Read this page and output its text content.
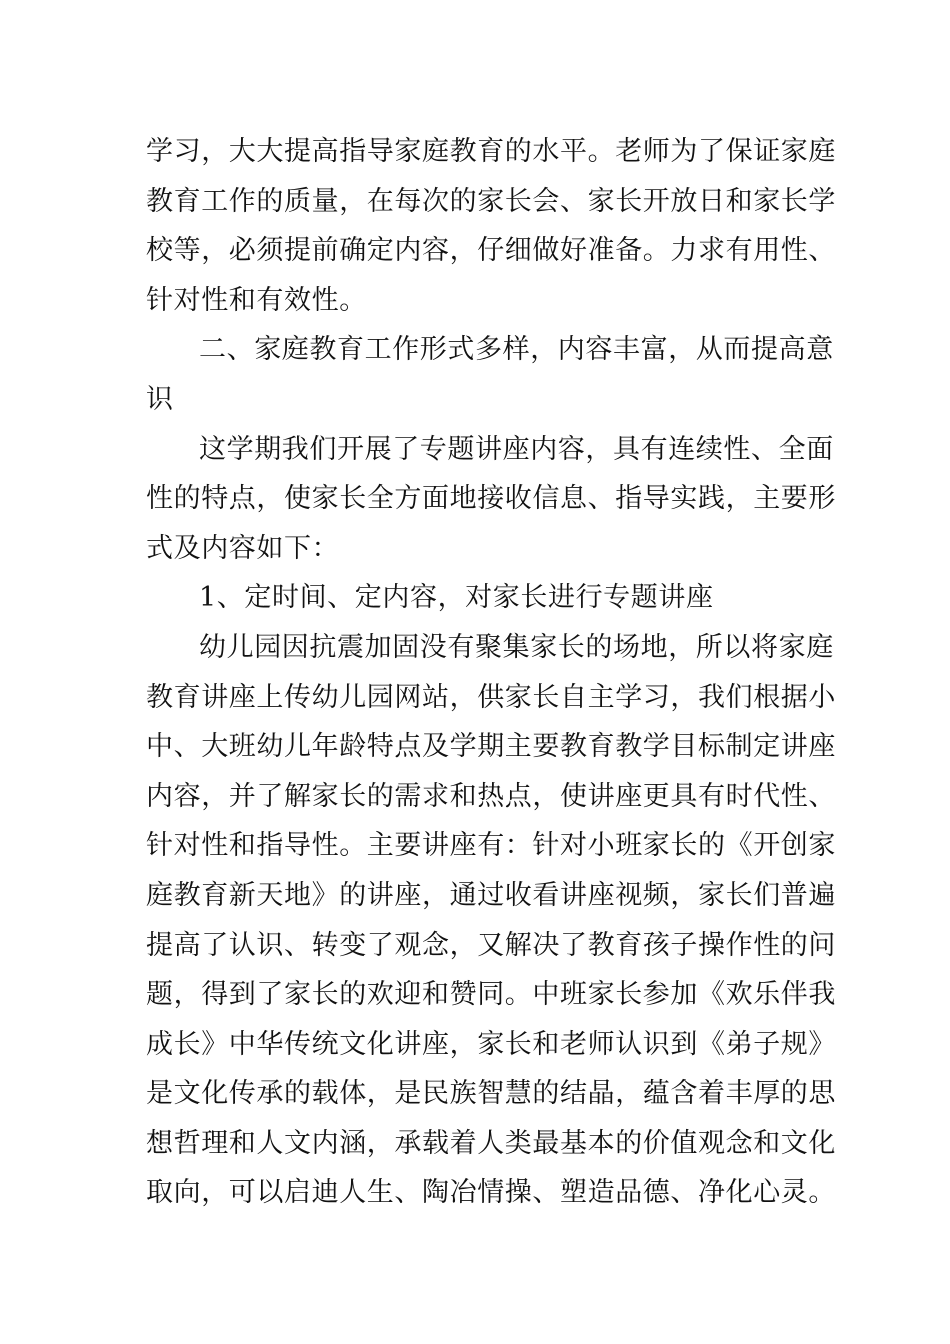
学习，大大提高指导家庭教育的水平。老师为了保证家庭
教育工作的质量，在每次的家长会、家长开放日和家长学
校等，必须提前确定内容，仔细做好准备。力求有用性、
针对性和有效性。
二、家庭教育工作形式多样，内容丰富，从而提高意
识
这学期我们开展了专题讲座内容，具有连续性、全面
性的特点，使家长全方面地接收信息、指导实践，主要形
式及内容如下：
1、定时间、定内容，对家长进行专题讲座
幼儿园因抗震加固没有聚集家长的场地，所以将家庭
教育讲座上传幼儿园网站，供家长自主学习，我们根据小
中、大班幼儿年龄特点及学期主要教育教学目标制定讲座
内容，并了解家长的需求和热点，使讲座更具有时代性、
针对性和指导性。主要讲座有：针对小班家长的《开创家
庭教育新天地》的讲座，通过收看讲座视频，家长们普遍
提高了认识、转变了观念，又解决了教育孩子操作性的问
题，得到了家长的欢迎和赞同。中班家长参加《欢乐伴我
成长》中华传统文化讲座，家长和老师认识到《弟子规》
是文化传承的载体，是民族智慧的结晶，蕴含着丰厚的思
想哲理和人文内涵，承载着人类最基本的价值观念和文化
取向，可以启迪人生、陶冶情操、塑造品德、净化心灵。
